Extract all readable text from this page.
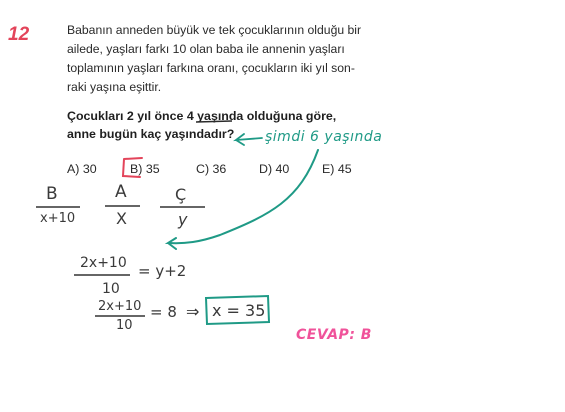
12	Babanın anneden büyük ve tek çocuklarının olduğu bir
ailede, yaşları farkı 10 olan baba ile annenin yaşları
toplamının yaşları farkına oranı, çocukların iki yıl son-
raki yaşına eşittir.
Çocukları 2 yıl önce 4 yaşında olduğuna göre,
anne bugün kaç yaşındadır?
A) 30	B) 35	C) 36	D) 40	E) 45
şimdi 6 yaşında
B
x+10
A
X
Ç
y
2x+10
10
= y+2
2x+10
10
= 8 ⇒ x = 35
CEVAP: B
